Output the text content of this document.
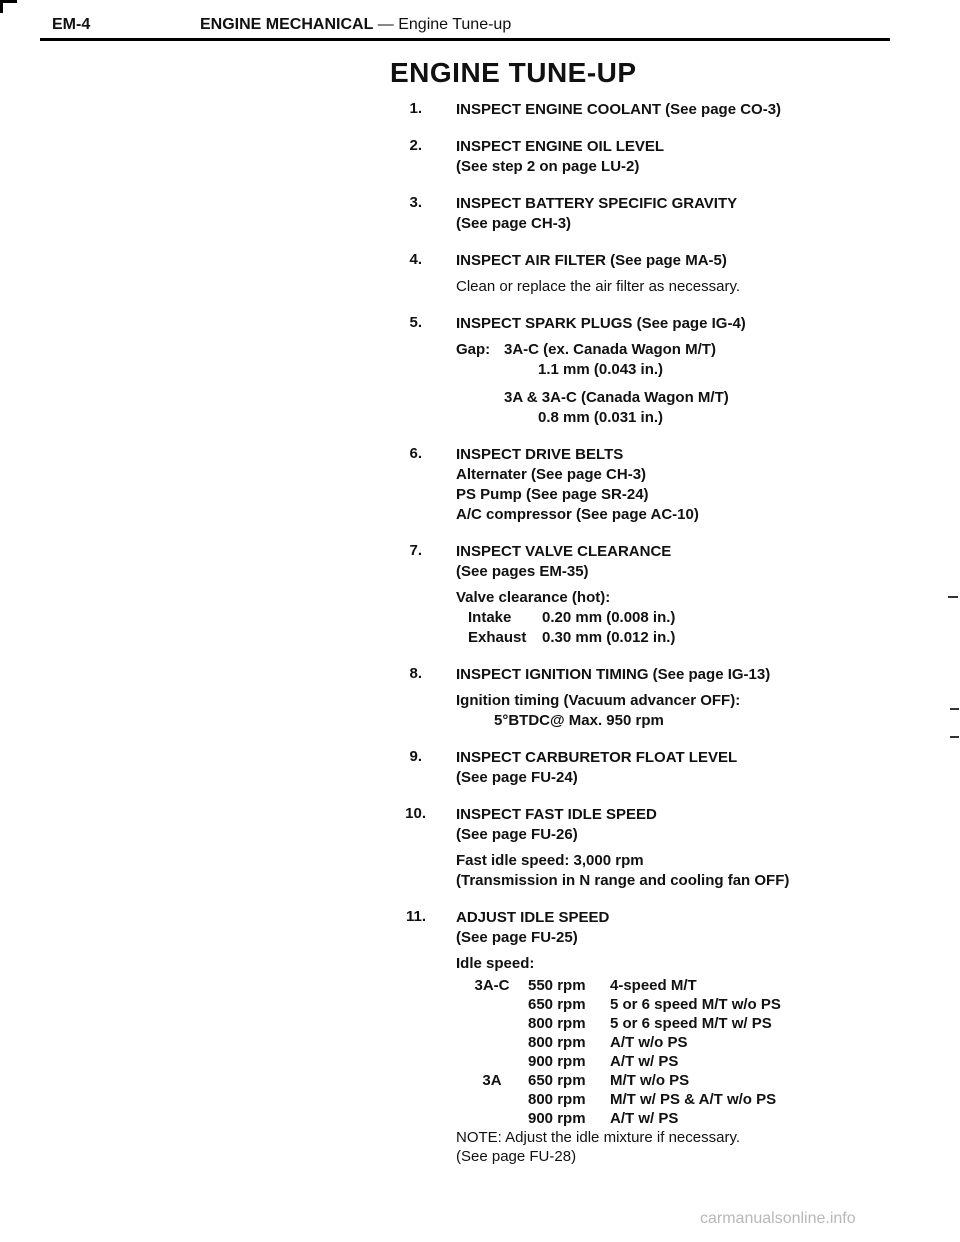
EM-4	ENGINE MECHANICAL — Engine Tune-up
ENGINE TUNE-UP
1. INSPECT ENGINE COOLANT (See page CO-3)
2. INSPECT ENGINE OIL LEVEL
(See step 2 on page LU-2)
3. INSPECT BATTERY SPECIFIC GRAVITY
(See page CH-3)
4. INSPECT AIR FILTER (See page MA-5)
Clean or replace the air filter as necessary.
5. INSPECT SPARK PLUGS (See page IG-4)
Gap: 3A-C (ex. Canada Wagon M/T)
1.1 mm (0.043 in.)
3A & 3A-C (Canada Wagon M/T)
0.8 mm (0.031 in.)
6. INSPECT DRIVE BELTS
Alternater (See page CH-3)
PS Pump (See page SR-24)
A/C compressor (See page AC-10)
7. INSPECT VALVE CLEARANCE
(See pages EM-35)
Valve clearance (hot):
Intake	0.20 mm (0.008 in.)
Exhaust	0.30 mm (0.012 in.)
8. INSPECT IGNITION TIMING (See page IG-13)
Ignition timing (Vacuum advancer OFF):
5°BTDC@ Max. 950 rpm
9. INSPECT CARBURETOR FLOAT LEVEL
(See page FU-24)
10. INSPECT FAST IDLE SPEED
(See page FU-26)
Fast idle speed: 3,000 rpm
(Transmission in N range and cooling fan OFF)
11. ADJUST IDLE SPEED
(See page FU-25)
Idle speed:
3A-C	550 rpm	4-speed M/T
650 rpm	5 or 6 speed M/T w/o PS
800 rpm	5 or 6 speed M/T w/ PS
800 rpm	A/T w/o PS
900 rpm	A/T w/ PS
3A	650 rpm	M/T w/o PS
800 rpm	M/T w/ PS & A/T w/o PS
900 rpm	A/T w/ PS
NOTE: Adjust the idle mixture if necessary.
(See page FU-28)
carmanualsonline.info
